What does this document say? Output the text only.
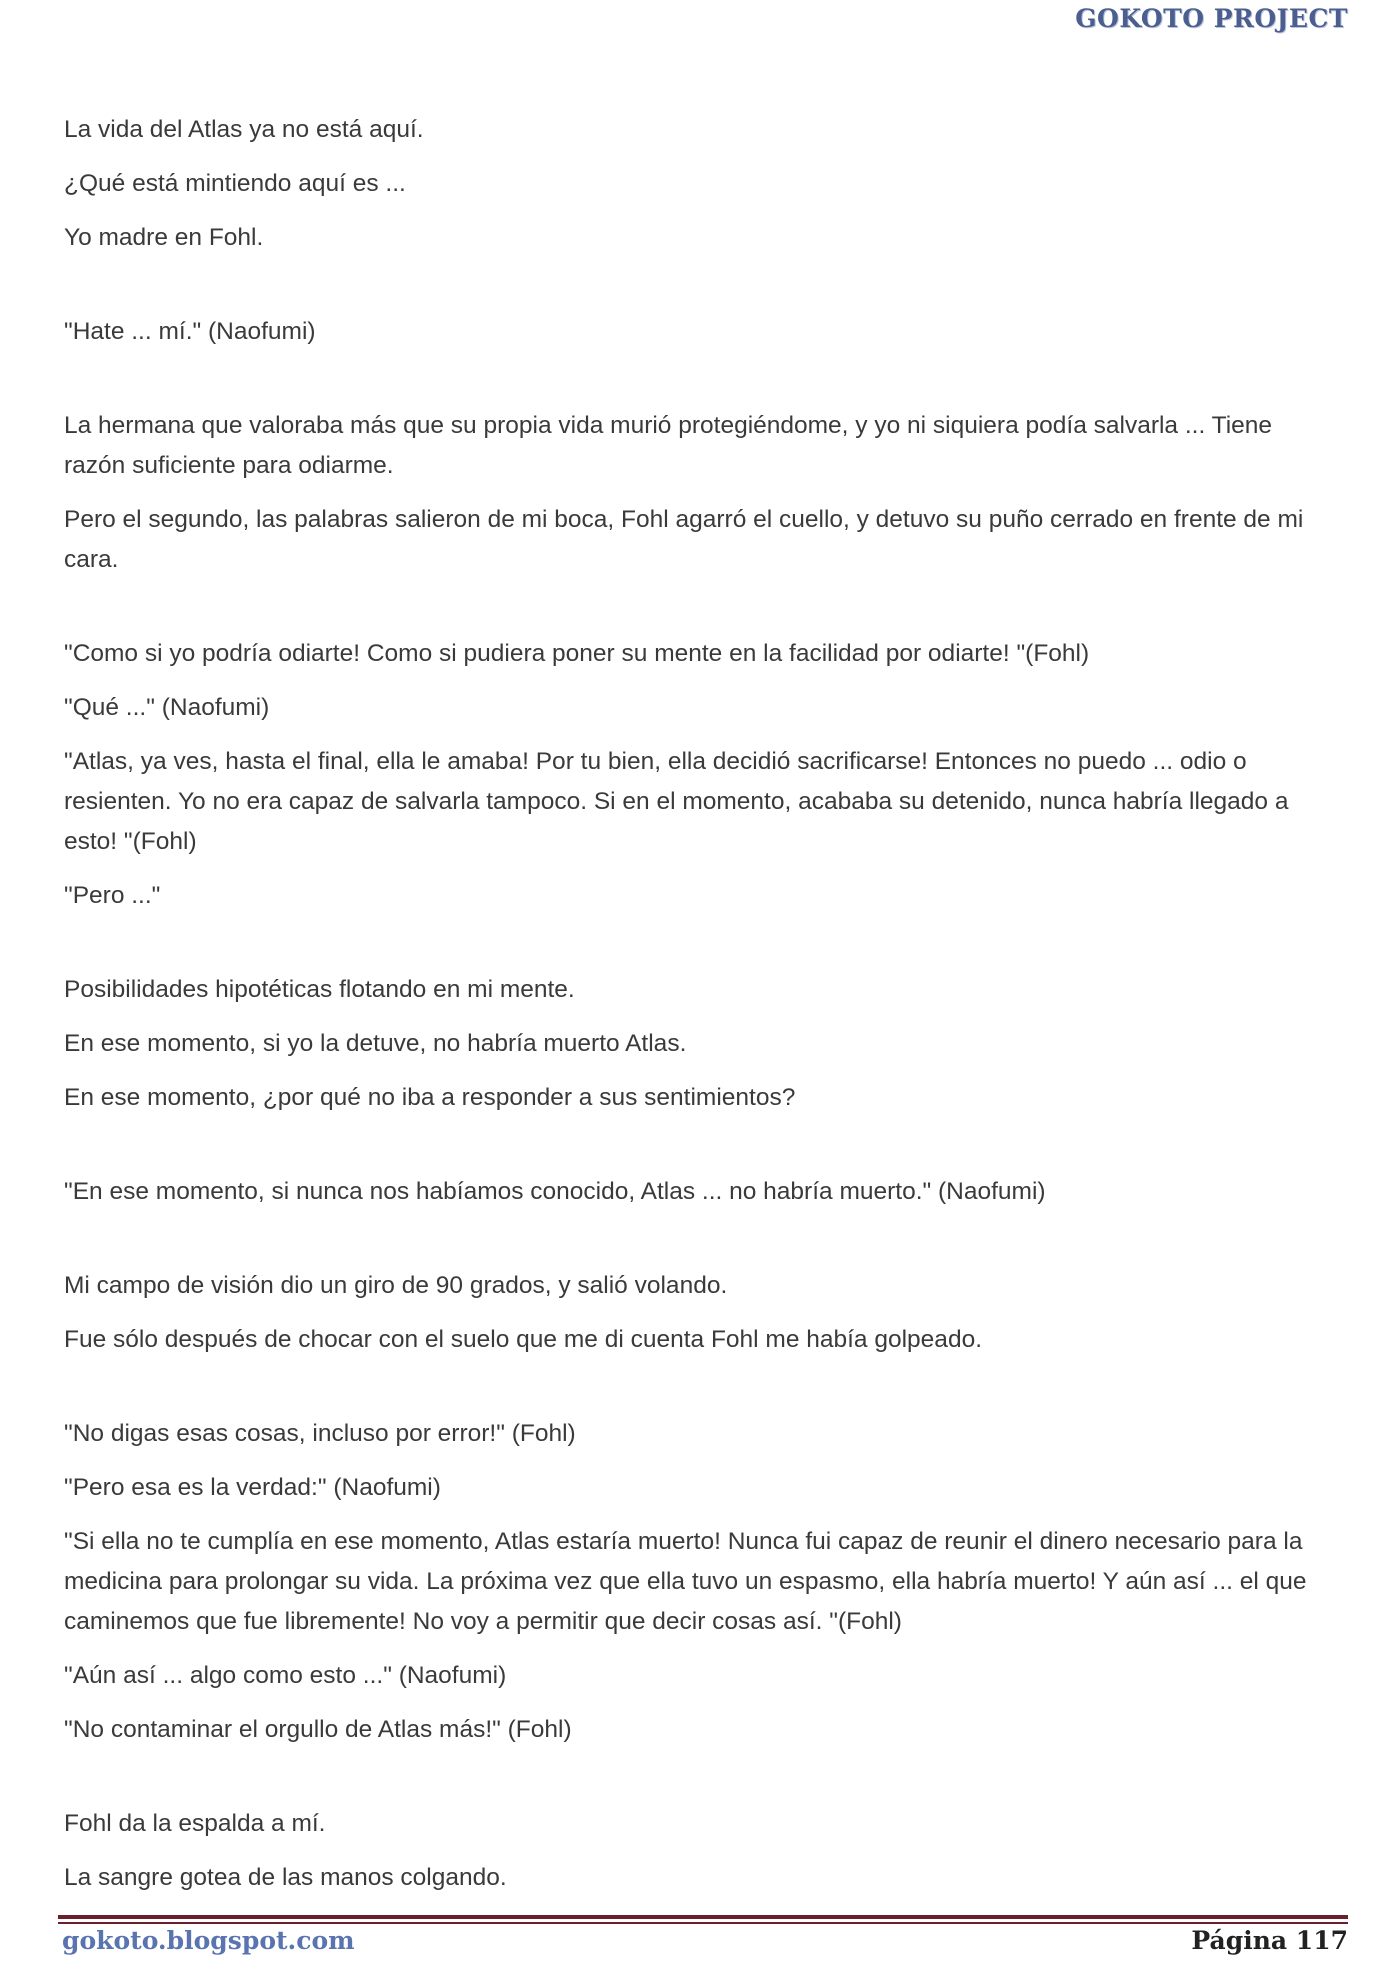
GOKOTO PROJECT

La vida del Atlas ya no está aquí.

¿Qué está mintiendo aquí es ...

Yo madre en Fohl.

"Hate ... mí." (Naofumi)

La hermana que valoraba más que su propia vida murió protegiéndome, y yo ni siquiera podía salvarla ... Tiene razón suficiente para odiarme.

Pero el segundo, las palabras salieron de mi boca, Fohl agarró el cuello, y detuvo su puño cerrado en frente de mi cara.

"Como si yo podría odiarte! Como si pudiera poner su mente en la facilidad por odiarte! "(Fohl)

"Qué ..." (Naofumi)

"Atlas, ya ves, hasta el final, ella le amaba! Por tu bien, ella decidió sacrificarse! Entonces no puedo ... odio o resienten. Yo no era capaz de salvarla tampoco. Si en el momento, acababa su detenido, nunca habría llegado a esto! "(Fohl)

"Pero ..."

Posibilidades hipotéticas flotando en mi mente.

En ese momento, si yo la detuve, no habría muerto Atlas.

En ese momento, ¿por qué no iba a responder a sus sentimientos?

"En ese momento, si nunca nos habíamos conocido, Atlas ... no habría muerto." (Naofumi)

Mi campo de visión dio un giro de 90 grados, y salió volando.

Fue sólo después de chocar con el suelo que me di cuenta Fohl me había golpeado.

"No digas esas cosas, incluso por error!" (Fohl)

"Pero esa es la verdad:" (Naofumi)

"Si ella no te cumplía en ese momento, Atlas estaría muerto! Nunca fui capaz de reunir el dinero necesario para la medicina para prolongar su vida. La próxima vez que ella tuvo un espasmo, ella habría muerto! Y aún así ... el que caminemos que fue libremente! No voy a permitir que decir cosas así. "(Fohl)

"Aún así ... algo como esto ..." (Naofumi)

"No contaminar el orgullo de Atlas más!" (Fohl)

Fohl da la espalda a mí.

La sangre gotea de las manos colgando.

gokoto.blogspot.com	Página 117
